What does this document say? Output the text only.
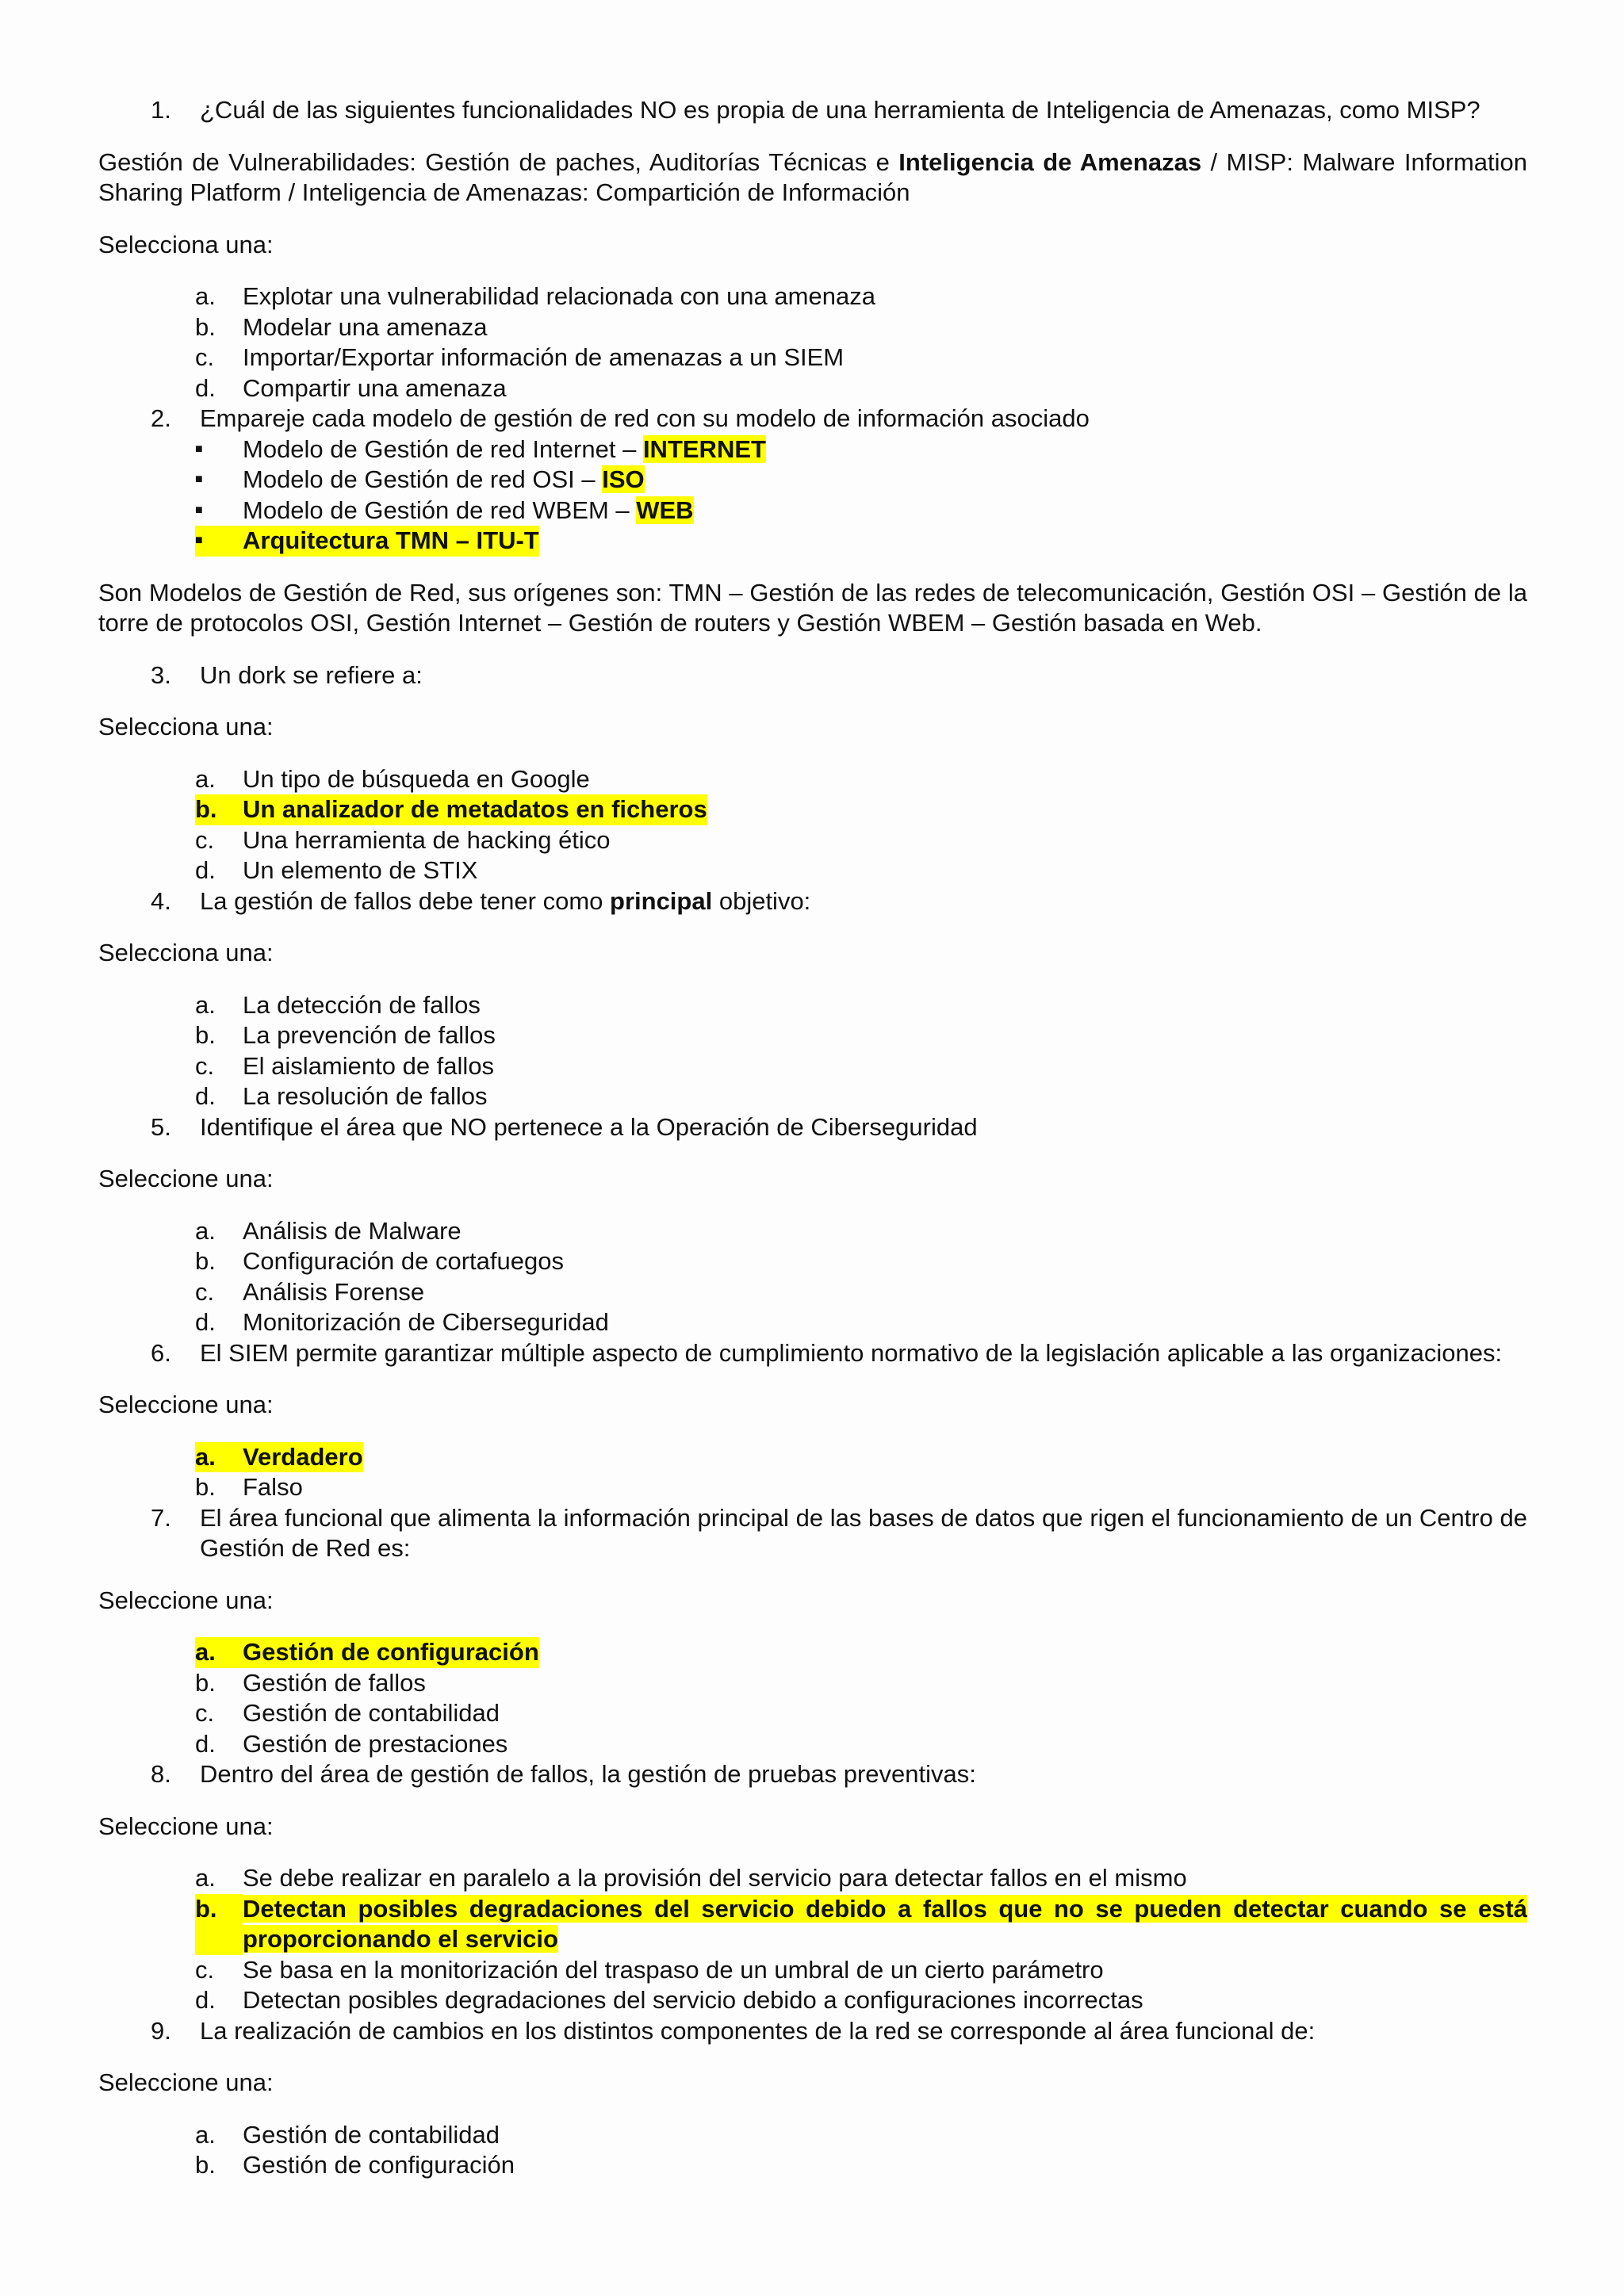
1.	¿Cuál de las siguientes funcionalidades NO es propia de una herramienta de Inteligencia de Amenazas, como MISP?
Gestión de Vulnerabilidades: Gestión de paches, Auditorías Técnicas e Inteligencia de Amenazas / MISP: Malware Information Sharing Platform / Inteligencia de Amenazas: Compartición de Información
Selecciona una:
a.	Explotar una vulnerabilidad relacionada con una amenaza
b.	Modelar una amenaza
c.	Importar/Exportar información de amenazas a un SIEM
d.	Compartir una amenaza
2.	Empareje cada modelo de gestión de red con su modelo de información asociado
■	Modelo de Gestión de red Internet – INTERNET
■	Modelo de Gestión de red OSI – ISO
■	Modelo de Gestión de red WBEM – WEB
■	Arquitectura TMN – ITU-T
Son Modelos de Gestión de Red, sus orígenes son: TMN – Gestión de las redes de telecomunicación, Gestión OSI – Gestión de la torre de protocolos OSI, Gestión Internet – Gestión de routers y Gestión WBEM – Gestión basada en Web.
3.	Un dork se refiere a:
Selecciona una:
a.	Un tipo de búsqueda en Google
b.	Un analizador de metadatos en ficheros
c.	Una herramienta de hacking ético
d.	Un elemento de STIX
4.	La gestión de fallos debe tener como principal objetivo:
Selecciona una:
a.	La detección de fallos
b.	La prevención de fallos
c.	El aislamiento de fallos
d.	La resolución de fallos
5.	Identifique el área que NO pertenece a la Operación de Ciberseguridad
Seleccione una:
a.	Análisis de Malware
b.	Configuración de cortafuegos
c.	Análisis Forense
d.	Monitorización de Ciberseguridad
6.	El SIEM permite garantizar múltiple aspecto de cumplimiento normativo de la legislación aplicable a las organizaciones:
Seleccione una:
a.	Verdadero
b.	Falso
7.	El área funcional que alimenta la información principal de las bases de datos que rigen el funcionamiento de un Centro de Gestión de Red es:
Seleccione una:
a.	Gestión de configuración
b.	Gestión de fallos
c.	Gestión de contabilidad
d.	Gestión de prestaciones
8.	Dentro del área de gestión de fallos, la gestión de pruebas preventivas:
Seleccione una:
a.	Se debe realizar en paralelo a la provisión del servicio para detectar fallos en el mismo
b.	Detectan posibles degradaciones del servicio debido a fallos que no se pueden detectar cuando se está proporcionando el servicio
c.	Se basa en la monitorización del traspaso de un umbral de un cierto parámetro
d.	Detectan posibles degradaciones del servicio debido a configuraciones incorrectas
9.	La realización de cambios en los distintos componentes de la red se corresponde al área funcional de:
Seleccione una:
a.	Gestión de contabilidad
b.	Gestión de configuración
